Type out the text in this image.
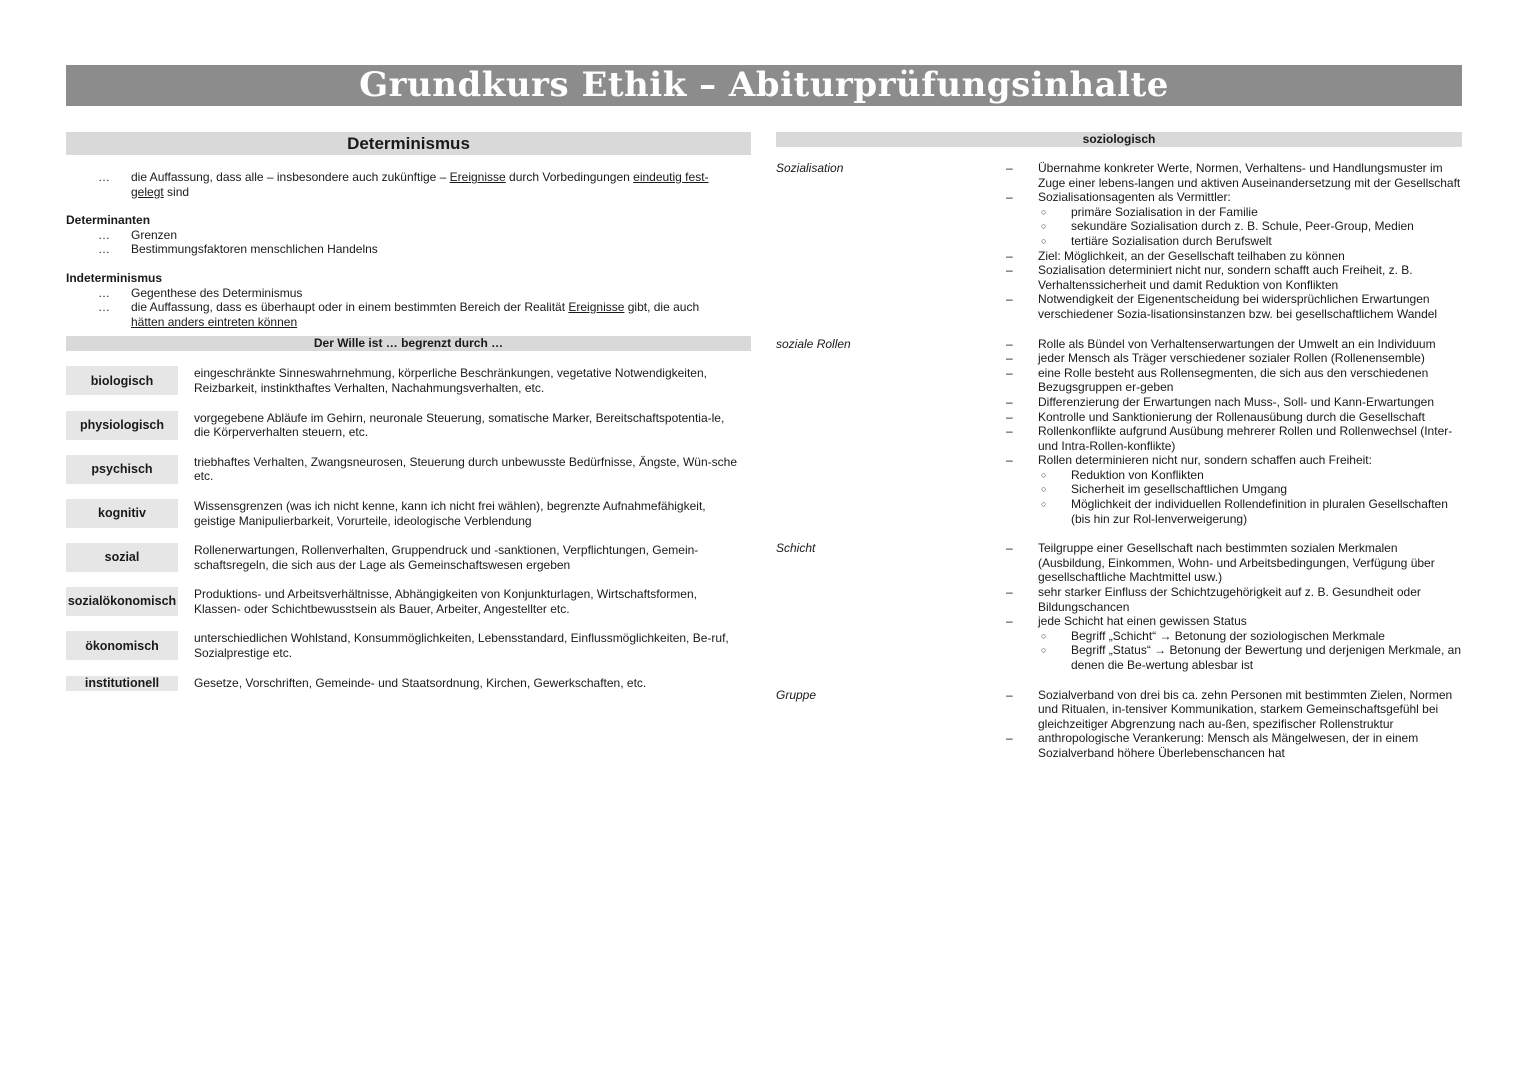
Grundkurs Ethik – Abiturprüfungsinhalte
Determinismus
… die Auffassung, dass alle – insbesondere auch zukünftige – Ereignisse durch Vorbedingungen eindeutig fest-
gelegt sind
Determinanten
… Grenzen
… Bestimmungsfaktoren menschlichen Handelns
Indeterminismus
… Gegenthese des Determinismus
… die Auffassung, dass es überhaupt oder in einem bestimmten Bereich der Realität Ereignisse gibt, die auch
hätten anders eintreten können
Der Wille ist … begrenzt durch …
biologisch
eingeschränkte Sinneswahrnehmung, körperliche Beschränkungen, vegetative Notwendigkeiten, Reizbarkeit, instinkthaftes Verhalten, Nachahmungsverhalten, etc.
physiologisch
vorgegebene Abläufe im Gehirn, neuronale Steuerung, somatische Marker, Bereitschaftspotentia-le, die Körperverhalten steuern, etc.
psychisch
triebhaftes Verhalten, Zwangsneurosen, Steuerung durch unbewusste Bedürfnisse, Ängste, Wün-sche etc.
kognitiv
Wissensgrenzen (was ich nicht kenne, kann ich nicht frei wählen), begrenzte Aufnahmefähigkeit, geistige Manipulierbarkeit, Vorurteile, ideologische Verblendung
sozial
Rollenerwartungen, Rollenverhalten, Gruppendruck und -sanktionen, Verpflichtungen, Gemein-schaftsregeln, die sich aus der Lage als Gemeinschaftswesen ergeben
sozialökonomisch
Produktions- und Arbeitsverhältnisse, Abhängigkeiten von Konjunkturlagen, Wirtschaftsformen, Klassen- oder Schichtbewusstsein als Bauer, Arbeiter, Angestellter etc.
ökonomisch
unterschiedlichen Wohlstand, Konsummöglichkeiten, Lebensstandard, Einflussmöglichkeiten, Be-ruf, Sozialprestige etc.
institutionell	Gesetze, Vorschriften, Gemeinde- und Staatsordnung, Kirchen, Gewerkschaften, etc.
soziologisch
Sozialisation	– Übernahme konkreter Werte, Normen, Verhaltens- und Handlungsmuster im Zuge einer lebens-langen und aktiven Auseinandersetzung mit der Gesellschaft
– Sozialisationsagenten als Vermittler:
○ primäre Sozialisation in der Familie
○ sekundäre Sozialisation durch z. B. Schule, Peer-Group, Medien
○ tertiäre Sozialisation durch Berufswelt
– Ziel: Möglichkeit, an der Gesellschaft teilhaben zu können
– Sozialisation determiniert nicht nur, sondern schafft auch Freiheit, z. B. Verhaltenssicherheit und damit Reduktion von Konflikten
– Notwendigkeit der Eigenentscheidung bei widersprüchlichen Erwartungen verschiedener Sozia-lisationsinstanzen bzw. bei gesellschaftlichem Wandel
soziale Rollen	– Rolle als Bündel von Verhaltenserwartungen der Umwelt an ein Individuum
– jeder Mensch als Träger verschiedener sozialer Rollen (Rollenensemble)
– eine Rolle besteht aus Rollensegmenten, die sich aus den verschiedenen Bezugsgruppen er-geben
– Differenzierung der Erwartungen nach Muss-, Soll- und Kann-Erwartungen
– Kontrolle und Sanktionierung der Rollenausübung durch die Gesellschaft
– Rollenkonflikte aufgrund Ausübung mehrerer Rollen und Rollenwechsel (Inter- und Intra-Rollen-konflikte)
– Rollen determinieren nicht nur, sondern schaffen auch Freiheit:
○ Reduktion von Konflikten
○ Sicherheit im gesellschaftlichen Umgang
○ Möglichkeit der individuellen Rollendefinition in pluralen Gesellschaften (bis hin zur Rol-lenverweigerung)
Schicht	– Teilgruppe einer Gesellschaft nach bestimmten sozialen Merkmalen (Ausbildung, Einkommen, Wohn- und Arbeitsbedingungen, Verfügung über gesellschaftliche Machtmittel usw.)
– sehr starker Einfluss der Schichtzugehörigkeit auf z. B. Gesundheit oder Bildungschancen
– jede Schicht hat einen gewissen Status
○ Begriff „Schicht“ → Betonung der soziologischen Merkmale
○ Begriff „Status“ → Betonung der Bewertung und derjenigen Merkmale, an denen die Be-wertung ablesbar ist
Gruppe	– Sozialverband von drei bis ca. zehn Personen mit bestimmten Zielen, Normen und Ritualen, in-tensiver Kommunikation, starkem Gemeinschaftsgefühl bei gleichzeitiger Abgrenzung nach au-ßen, spezifischer Rollenstruktur
– anthropologische Verankerung: Mensch als Mängelwesen, der in einem Sozialverband höhere Überlebenschancen hat
